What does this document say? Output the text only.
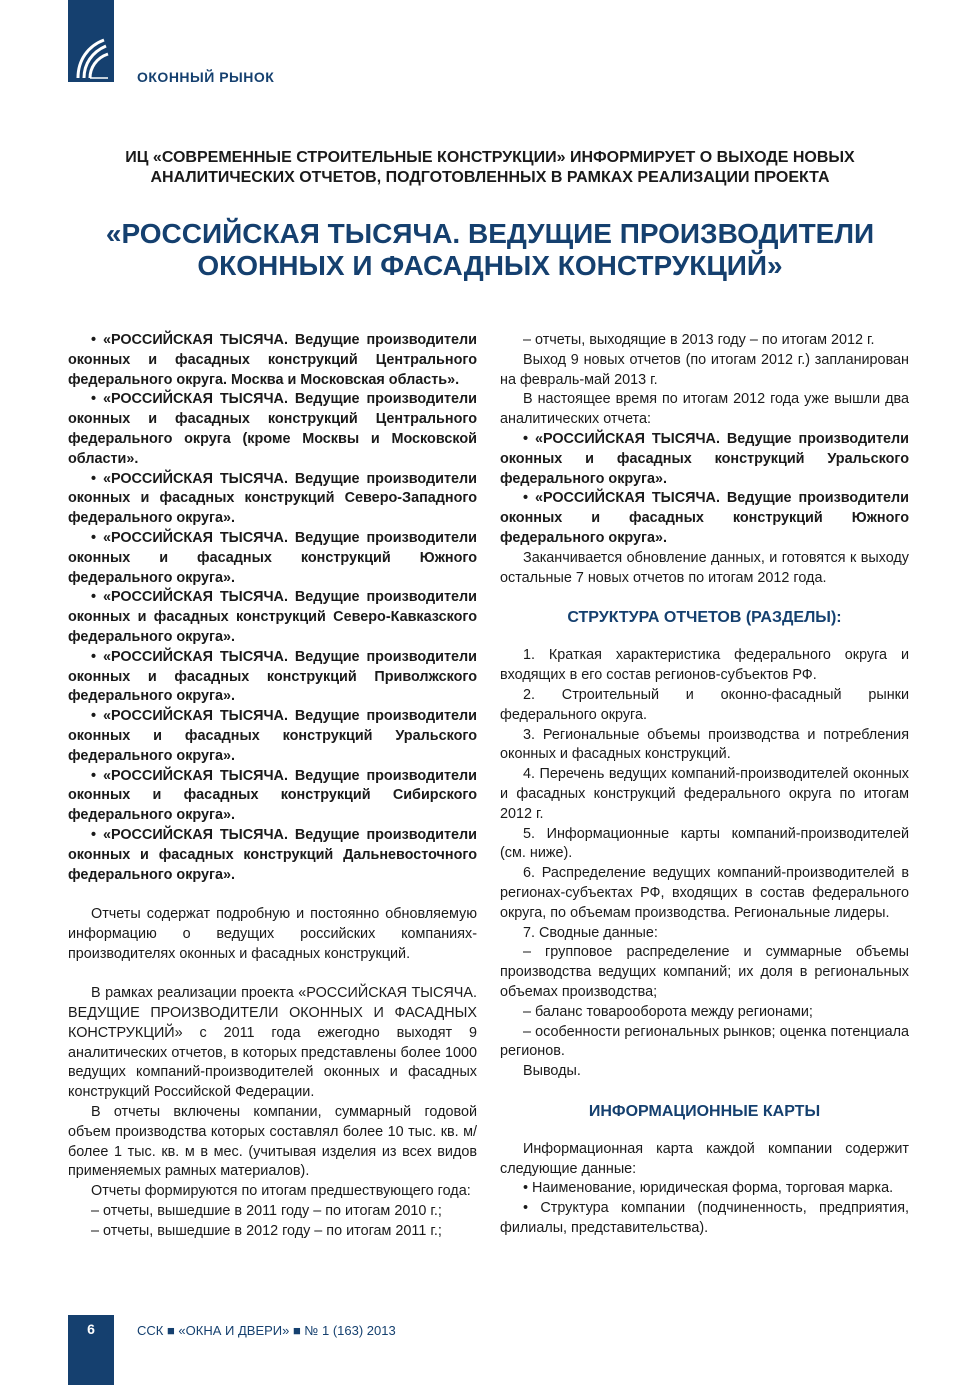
ОКОННЫЙ РЫНОК
ИЦ «СОВРЕМЕННЫЕ СТРОИТЕЛЬНЫЕ КОНСТРУКЦИИ» ИНФОРМИРУЕТ О ВЫХОДЕ НОВЫХ АНАЛИТИЧЕСКИХ ОТЧЕТОВ, ПОДГОТОВЛЕННЫХ В РАМКАХ РЕАЛИЗАЦИИ ПРОЕКТА
«РОССИЙСКАЯ ТЫСЯЧА. ВЕДУЩИЕ ПРОИЗВОДИТЕЛИ ОКОННЫХ И ФАСАДНЫХ КОНСТРУКЦИЙ»

• «РОССИЙСКАЯ ТЫСЯЧА. Ведущие производители оконных и фасадных конструкций Центрального федерального округа. Москва и Московская область».

• «РОССИЙСКАЯ ТЫСЯЧА. Ведущие производители оконных и фасадных конструкций Центрального федерального округа (кроме Москвы и Московской области».

• «РОССИЙСКАЯ ТЫСЯЧА. Ведущие производители оконных и фасадных конструкций Северо-Западного федерального округа».

• «РОССИЙСКАЯ ТЫСЯЧА. Ведущие производители оконных и фасадных конструкций Южного федерального округа».

• «РОССИЙСКАЯ ТЫСЯЧА. Ведущие производители оконных и фасадных конструкций Северо-Кавказского федерального округа».

• «РОССИЙСКАЯ ТЫСЯЧА. Ведущие производители оконных и фасадных конструкций Приволжского федерального округа».

• «РОССИЙСКАЯ ТЫСЯЧА. Ведущие производители оконных и фасадных конструкций Уральского федерального округа».

• «РОССИЙСКАЯ ТЫСЯЧА. Ведущие производители оконных и фасадных конструкций Сибирского федерального округа».

• «РОССИЙСКАЯ ТЫСЯЧА. Ведущие производители оконных и фасадных конструкций Дальневосточного федерального округа».

Отчеты содержат подробную и постоянно обновляемую информацию о ведущих российских компаниях-производителях оконных и фасадных конструкций.

В рамках реализации проекта «РОССИЙСКАЯ ТЫСЯЧА. ВЕДУЩИЕ ПРОИЗВОДИТЕЛИ ОКОННЫХ И ФАСАДНЫХ КОНСТРУКЦИЙ» с 2011 года ежегодно выходят 9 аналитических отчетов, в которых представлены более 1000 ведущих компаний-производителей оконных и фасадных конструкций Российской Федерации.

В отчеты включены компании, суммарный годовой объем производства которых составлял более 10 тыс. кв. м/более 1 тыс. кв. м в мес. (учитывая изделия из всех видов применяемых рамных материалов).

Отчеты формируются по итогам предшествующего года:

– отчеты, вышедшие в 2011 году – по итогам 2010 г.;

– отчеты, вышедшие в 2012 году – по итогам 2011 г.;

– отчеты, выходящие в 2013 году – по итогам 2012 г.

Выход 9 новых отчетов (по итогам 2012 г.) запланирован на февраль-май 2013 г.

В настоящее время по итогам 2012 года уже вышли два аналитических отчета:

• «РОССИЙСКАЯ ТЫСЯЧА. Ведущие производители оконных и фасадных конструкций Уральского федерального округа».

• «РОССИЙСКАЯ ТЫСЯЧА. Ведущие производители оконных и фасадных конструкций Южного федерального округа».

Заканчивается обновление данных, и готовятся к выходу остальные 7 новых отчетов по итогам 2012 года.

СТРУКТУРА ОТЧЕТОВ (РАЗДЕЛЫ):

1. Краткая характеристика федерального округа и входящих в его состав регионов-субъектов РФ.

2. Строительный и оконно-фасадный рынки федерального округа.

3. Региональные объемы производства и потребления оконных и фасадных конструкций.

4. Перечень ведущих компаний-производителей оконных и фасадных конструкций федерального округа по итогам 2012 г.

5. Информационные карты компаний-производителей (см. ниже).

6. Распределение ведущих компаний-производителей в регионах-субъектах РФ, входящих в состав федерального округа, по объемам производства. Региональные лидеры.

7. Сводные данные:

– групповое распределение и суммарные объемы производства ведущих компаний; их доля в региональных объемах производства;

– баланс товарооборота между регионами;

– особенности региональных рынков; оценка потенциала регионов.

Выводы.

ИНФОРМАЦИОННЫЕ КАРТЫ

Информационная карта каждой компании содержит следующие данные:

• Наименование, юридическая форма, торговая марка.

• Структура компании (подчиненность, предприятия, филиалы, представительства).

6	ССК ■ «ОКНА И ДВЕРИ» ■ № 1 (163) 2013
